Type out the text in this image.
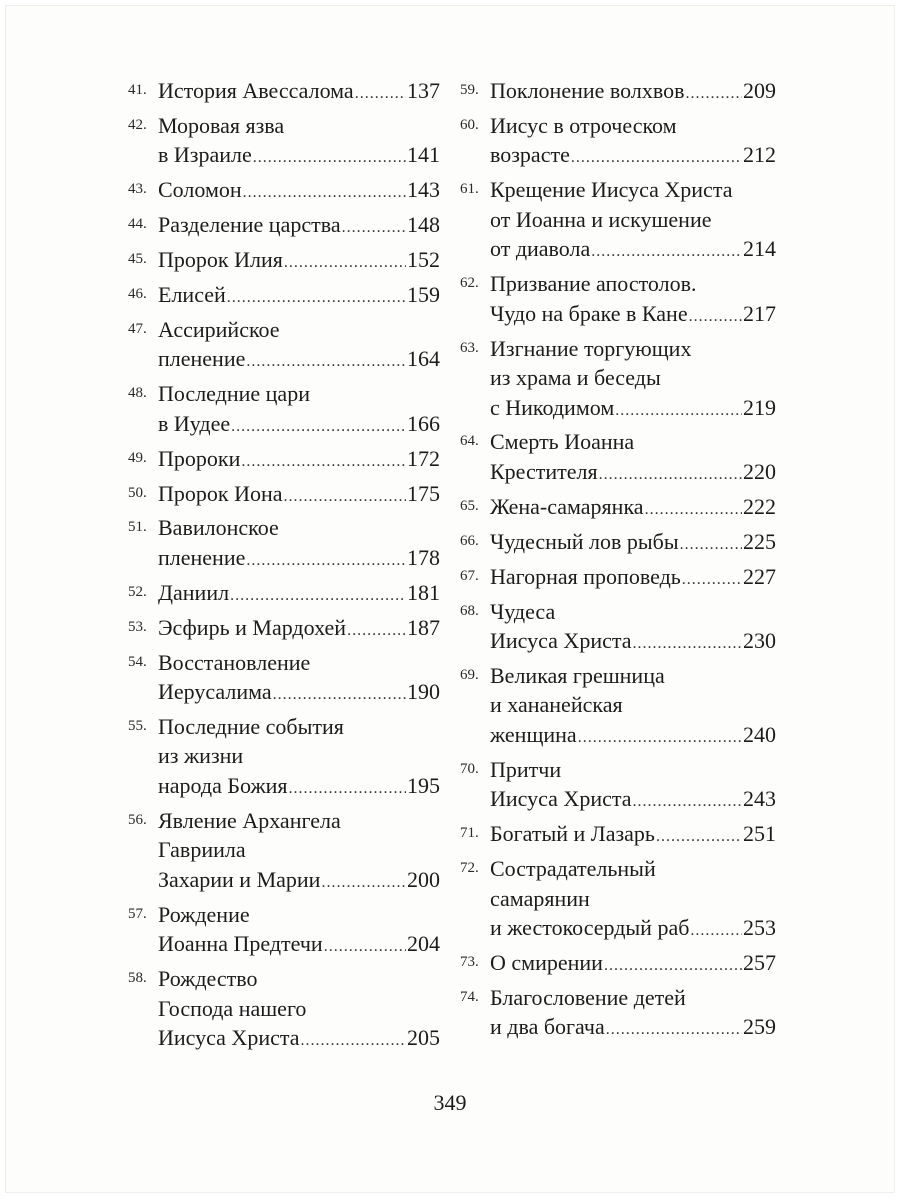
41. История Авессалома ..... 137
42. Моровая язва
в Израиле .....	141
43. Соломон .....	143
44. Разделение царства .....	148
45. Пророк Илия .....	152
46. Елисей .....	159
47. Ассирийское
пленение .....	164
48. Последние цари
в Иудее .....	166
49. Пророки .....	172
50. Пророк Иона .....	175
51. Вавилонское
пленение .....	178
52. Даниил .....	181
53. Эсфирь и Мардохей .....	187
54. Восстановление
Иерусалима .....	190
55. Последние события
из жизни
народа Божия .....	195
56. Явление Архангела
Гавриила
Захарии и Марии .....	200
57. Рождение
Иоанна Предтечи .....	204
58. Рождество
Господа нашего
Иисуса Христа .....	205
59. Поклонение волхвов .....	209
60. Иисус в отроческом
возрасте .....	212
61. Крещение Иисуса Христа
от Иоанна и искушение
от диавола .....	214
62. Призвание апостолов.
Чудо на браке в Кане .....	217
63. Изгнание торгующих
из храма и беседы
с Никодимом .....	219
64. Смерть Иоанна
Крестителя .....	220
65. Жена-самарянка .....	222
66. Чудесный лов рыбы .....	225
67. Нагорная проповедь .....	227
68. Чудеса
Иисуса Христа .....	230
69. Великая грешница
и хананейская
женщина .....	240
70. Притчи
Иисуса Христа .....	243
71. Богатый и Лазарь .....	251
72. Сострадательный
самарянин
и жестокосердый раб ..... 253
73. О смирении .....	257
74. Благословение детей
и два богача .....	259
349
